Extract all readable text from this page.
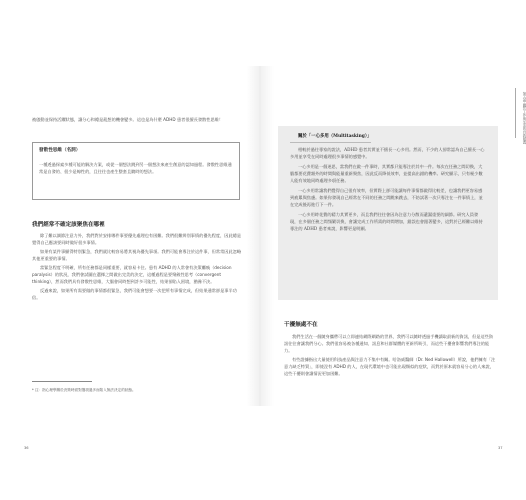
被啟動並保持活躍狀態，讓分心和總是亂想的機會變多。這也是為什麼 ADHD 患者很擅長發散性思維！

發散性思維（名詞）

一種透過探索多種可能的解決方案，或從一個想法跳到另一個想法來產生創意的認知過程。發散性思維通常是自發的、很少是線性的，且往往也產生整套且隨時的想法。

我們經常不確定該聚焦在哪裡

除了難以調節注意力外，我們對於安排哪件事要優先處理也有困難。我們很難辨別事情的優先程度，因此總是覺得自己應該要同時做好很多事情。

如果有某件事顯得特別緊急，我們就比較容易將其視為優先事項。我們可能會專注於這件事，但常常因此忽略其他更重要的事情。

當緊急程度不明確，所有任務都是同樣重要，就容易卡住。患有 ADHD 的人常會有決策癱瘓（decision paralysis）的狀況，我們會試圖在選擇之間做出完美的決定，這種過程是要聚斂性思考（convergent thinking），然而我們具有發散性思維，大腦會同時想到許多可能性，結果卻陷入困境，猶豫不決。

反過來說，如果所有需要做的事情都很緊急，我們可能會想要一次把所有事情完成，但結果通常卻是事半功倍。

* 注：指心理學關於決策時面對選項過多而陷入無法決定的狀態。

36
第五章 關於工作與生活的自我照護

關於「一心多用（Multitasking）」

相較於過往專家的說法，ADHD 患者其實並不擅長一心多用。然而，不少的人卻常認為自己擅長一心多用並享受在同時處理很多事情的感覺中。

一心多用是一個迷思，當我們在做一件事時，其實都只能專注於其中一件。每次在任務之間切換，大腦都要花費額外的時間與能量重新聚焦，因此反而降低效率，並提高出錯的機率。研究顯示，只有極少數人能有效地同時處理多項任務。

一心多用常讓我們覺得自己很有效率，但實際上卻可能讓每件事情都做得比較差，也讓我們更容易感到疲累與焦慮。如果你發現自己經常在不同的任務之間跳來跳去，不妨試著一次只專注在一件事情上，並在完成後再進行下一件。

一心多用時花費的精力其實更多，而且我們往往會因為注意力分散而遺漏重要的細節。研究人員發現，在多個任務之間頻繁切換，會讓完成工作所需的時間增加，錯誤也會跟著變多，這對於已經難以維持專注的 ADHD 患者來說，影響更是明顯。

干擾無處不在

我們生活在一個隨身攜帶可以立即連結網際網路的世界，我們可以隨時透過手機讀取最新的資訊，但是這些資訊往往會讓我們分心。我們很容易被各種通知、訊息和社群媒體的更新所吸引，而這些干擾會影響我們專注的能力。

有些證據指出大量使用科技產品與注意力不集中有關。哈洛威醫師（Dr. Ned Hallowell）所說，他們擁有「注意力缺乏特質」，即使沒有 ADHD 的人，在現代環境中也可能出現類似的症狀，而對於原本就容易分心的人來說，這些干擾則會讓情況更加困難。

37
